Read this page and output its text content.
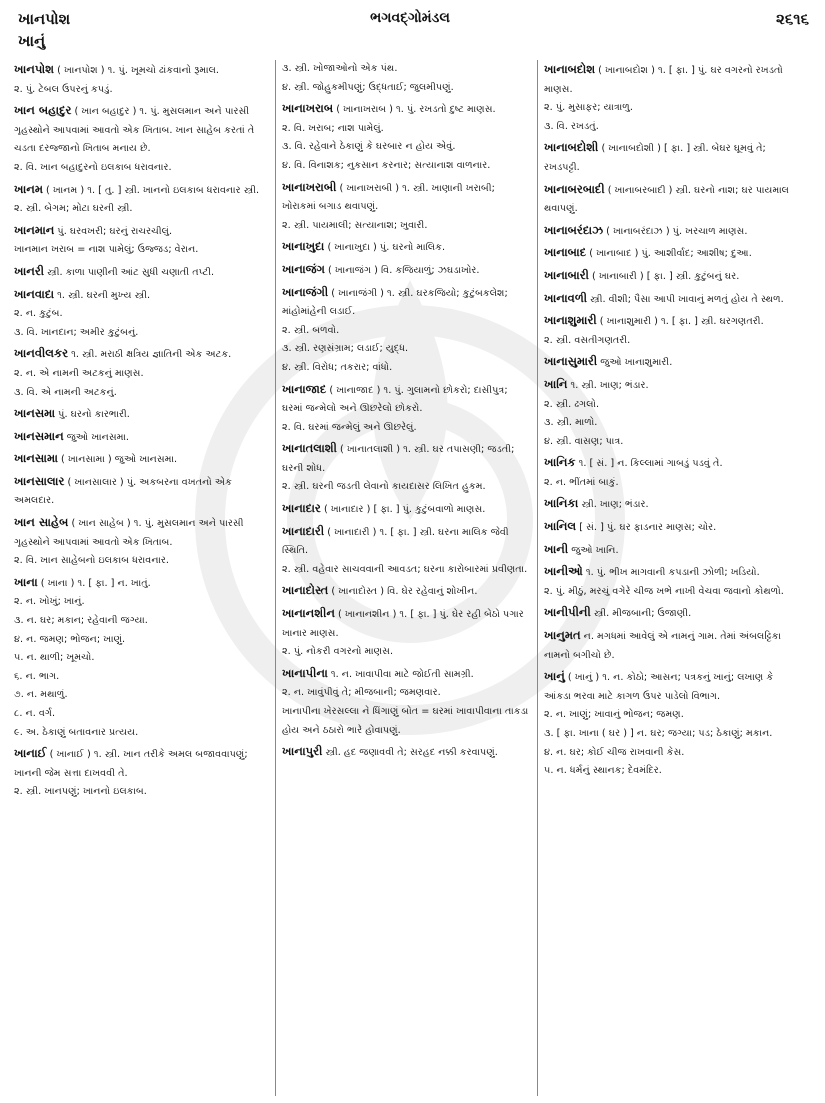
ખાનપોશ
ખાનું
ભગવદ્ગોમંડલ	૨૬૧૬
ખાનપોશ ( ખાનપોશ ) ૧. પું. ખૂમચો ઢાંકવાનો રૂમાલ.
૨. પું. ટેબલ ઉપરનું કપડું.
ખાન બહાદુર ( ખાન બહાદુર ) ૧. પું. મુસલમાન અને પારસી ગૃહસ્થોને આપવામાં આવતો એક ખિતાબ. ખાન સાહેબ કરતાં તે ચડતા દરજ્જાનો ખિતાબ મનાય છે.
૨. વિ. ખાન બહાદુરનો ઇલકાબ ધરાવનાર.
ખાનમ ( ખાનમ ) ૧. [ તુ. ] સ્ત્રી. ખાનનો ઇલકાબ ધરાવનાર સ્ત્રી.
૨. સ્ત્રી. બેગમ; મોટા ઘરની સ્ત્રી.
ખાનમાન પું. ઘરવખરી; ઘરનું રાચરચીલું.
ખાનમાન ખરાબ = નાશ પામેલું; ઉજ્જડ; વેરાન.
ખાનરી સ્ત્રી. કાળા પાણીની આંટ સુધી ચણાતી તપ્ટી.
ખાનવાદા ૧. સ્ત્રી. ઘરની મુખ્ય સ્ત્રી.
૨. ન. કુટુંબ.
૩. વિ. ખાનદાન; અમીર કુટુંબનું.
ખાનવીલકર ૧. સ્ત્રી. મરાઠી ક્ષત્રિય જ્ઞાતિની એક અટક.
૨. ન. એ નામની અટકનું માણસ.
૩. વિ. એ નામની અટકનું.
ખાનસમા પું. ઘરનો કારભારી.
ખાનસમાન જુઓ ખાનસમા.
ખાનસામા ( ખાનસામા ) જુઓ ખાનસમા.
ખાનસાલાર ( ખાનસાલાર ) પું. અકબરના વખતનો એક અમલદાર.
ખાન સાહેબ ( ખાન સાહેબ ) ૧. પું. મુસલમાન અને પારસી ગૃહસ્થોને આપવામાં આવતો એક ખિતાબ.
૨. વિ. ખાન સાહેબનો ઇલકાબ ધરાવનાર.
ખાના ( ખાના ) ૧. [ ફા. ] ન. ખાતું.
૨. ન. ખોખું; ખાનું.
૩. ન. ઘર; મકાન; રહેવાની જગ્યા.
૪. ન. જમણ; ભોજન; ખાણું.
૫. ન. થાળી; ખૂમચો.
૬. ન. ભાગ.
૭. ન. મથાળું.
૮. ન. વર્ગ.
૯. અ. ઠેકાણું બતાવનાર પ્રત્યય.
ખાનાઈ ( ખાનાઈ ) ૧. સ્ત્રી. ખાન તરીકે અમલ બજાવવાપણું; ખાનની જેમ સત્તા દાખવવી તે.
૨. સ્ત્રી. ખાનપણું; ખાનનો ઇલકાબ.
૩. સ્ત્રી. ખોજાઓનો એક પંથ.
૪. સ્ત્રી. જોહુકમીપણું; ઉદ્ધતાઈ; જુલમીપણું.
ખાનાખરાબ ( ખાનાખરાબ ) ૧. પું. રખડતો દુષ્ટ માણસ.
૨. વિ. ખરાબ; નાશ પામેલું.
૩. વિ. રહેવાને ઠેકાણું કે ઘરબાર ન હોય એવું.
૪. વિ. વિનાશક; નુકસાન કરનાર; સત્યાનાશ વાળનાર.
ખાનાખરાબી ( ખાનાખરાબી ) ૧. સ્ત્રી. ખાણાની ખરાબી; ખોરાકમાં બગાડ થવાપણું.
૨. સ્ત્રી. પાયમાલી; સત્યાનાશ; ખુવારી.
ખાનાખુદા ( ખાનાખુદા ) પું. ઘરનો માલિક.
ખાનાજંગ ( ખાનાજંગ ) વિ. કજિયાળું; ઝઘડાખોર.
ખાનાજંગી ( ખાનાજંગી ) ૧. સ્ત્રી. ઘરકજિયો; કુટુંબકલેશ; માંહોમાંહેની લડાઈ.
૨. સ્ત્રી. બળવો.
૩. સ્ત્રી. રણસંગ્રામ; લડાઈ; યુદ્ધ.
૪. સ્ત્રી. વિરોધ; તકરાર; વાંધો.
ખાનાજાદ ( ખાનાજાદ ) ૧. પું. ગુલામનો છોકરો; દાસીપુત્ર; ઘરમાં જન્મેલો અને ઊછરેલો છોકરો.
૨. વિ. ઘરમાં જન્મેલું અને ઊછરેલું.
ખાનાતલાશી ( ખાનાતલાશી ) ૧. સ્ત્રી. ઘર તપાસણી; જડતી; ઘરની શોધ.
૨. સ્ત્રી. ઘરની જડતી લેવાનો કાયદાસર લિખિત હુકમ.
ખાનાદાર ( ખાનાદાર ) [ ફા. ] પું. કુટુંબવાળો માણસ.
ખાનાદારી ( ખાનાદારી ) ૧. [ ફા. ] સ્ત્રી. ઘરના માલિક જેવી સ્થિતિ.
૨. સ્ત્રી. વહેવાર સાચવવાની આવડત; ઘરના કારોબારમાં પ્રવીણતા.
ખાનાદોસ્ત ( ખાનાદોસ્ત ) વિ. ઘેર રહેવાનું શોખીન.
ખાનાનશીન ( ખાનાનશીન ) ૧. [ ફા. ] પું. ઘેર રહી બેઠો પગાર ખાનાર માણસ.
૨. પું. નોકરી વગરનો માણસ.
ખાનાપીના ૧. ન. ખાવાપીવા માટે જોઈતી સામગ્રી.
૨. ન. ખાવુંપીવું તે; મીજબાની; જમણવાર.
ખાનાપીના ખેરસલ્લા ને ધિંગાણું બોત = ઘરમાં ખાવાપીવાના તાકડા હોય અને ઠઠારો ભારે હોવાપણું.
ખાનાપુરી સ્ત્રી. હદ જણાવવી તે; સરહદ નક્કી કરવાપણું.
ખાનાબદોશ ( ખાનાબદોશ ) ૧. [ ફા. ] પું. ઘર વગરનો રખડતો માણસ.
૨. પું. મુસાફર; યાત્રાળુ.
૩. વિ. રખડતું.
ખાનાબદોશી ( ખાનાબદોશી ) [ ફા. ] સ્ત્રી. બેઘર ઘૂમવું તે; રખડપટ્ટી.
ખાનાબરબાદી ( ખાનાબરબાદી ) સ્ત્રી. ઘરનો નાશ; ઘર પાયમાલ થવાપણું.
ખાનાબરંદાઝ ( ખાનાબરંદાઝ ) પું. ખરચાળ માણસ.
ખાનાબાદ ( ખાનાબાદ ) પું. આશીર્વાદ; આશીષ; દુઆ.
ખાનાબારી ( ખાનાબારી ) [ ફા. ] સ્ત્રી. કુટુંબનું ઘર.
ખાનાવળી સ્ત્રી. વીશી; પૈસા આપી ખાવાનું મળતું હોય તે સ્થળ.
ખાનાશુમારી ( ખાનાશુમારી ) ૧. [ ફા. ] સ્ત્રી. ઘરગણતરી.
૨. સ્ત્રી. વસતીગણતરી.
ખાનાસુમારી જુઓ ખાનાશુમારી.
ખાનિ ૧. સ્ત્રી. ખાણ; ભંડાર.
૨. સ્ત્રી. ઢગલો.
૩. સ્ત્રી. માળો.
૪. સ્ત્રી. વાસણ; પાત્ર.
ખાનિક ૧. [ સં. ] ન. કિલ્લામાં ગાબડું પડવું તે.
૨. ન. ભીંતમાં બાકું.
ખાનિકા સ્ત્રી. ખાણ; ભંડાર.
ખાનિલ [ સં. ] પું. ઘર ફાડનાર માણસ; ચોર.
ખાની જુઓ ખાનિ.
ખાનીઓ ૧. પું. ભીખ માગવાની કપડાની ઝોળી; ખડિયો.
૨. પું. મીઠું, મરચું વગેરે ચીજ ખભે નાખી વેચવા જવાનો કોથળો.
ખાનીપીની સ્ત્રી. મીજબાની; ઉજાણી.
ખાનુમત ન. મગધમાં આવેલું એ નામનું ગામ. તેમાં અંબલટ્ટિકા નામનો બગીચો છે.
ખાનું ( ખાનું ) ૧. ન. કોઠો; આસન; પત્રકનું ખાનું; લખાણ કે આંકડા ભરવા માટે કાગળ ઉપર પાડેલો વિભાગ.
૨. ન. ખાણું; ખાવાનું ભોજન; જમણ.
૩. [ ફા. ખાના ( ઘર ) ] ન. ઘર; જગ્યા; પડ; ઠેકાણું; મકાન.
૪. ન. ઘર; કોઈ ચીજ રાખવાની કેસ.
૫. ન. ધર્મનું સ્થાનક; દેવમંદિર.
